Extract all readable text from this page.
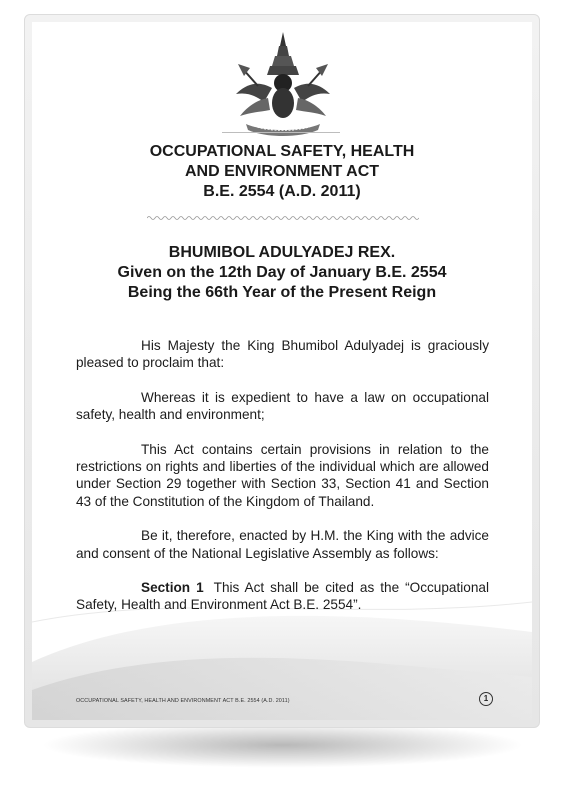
OCCUPATIONAL SAFETY, HEALTH
AND ENVIRONMENT ACT
B.E. 2554 (A.D. 2011)
BHUMIBOL ADULYADEJ REX.
Given on the 12th Day of January B.E. 2554
Being the 66th Year of the Present Reign

His Majesty the King Bhumibol Adulyadej is graciously pleased to proclaim that:

Whereas it is expedient to have a law on occupational safety, health and environment;

This Act contains certain provisions in relation to the restrictions on rights and liberties of the individual which are allowed under Section 29 together with Section 33, Section 41 and Section 43 of the Constitution of the Kingdom of Thailand.

Be it, therefore, enacted by H.M. the King with the advice and consent of the National Legislative Assembly as follows:

Section 1 This Act shall be cited as the “Occupational Safety, Health and Environment Act B.E. 2554”.

OCCUPATIONAL SAFETY, HEALTH AND ENVIRONMENT ACT B.E. 2554 (A.D. 2011)	1
